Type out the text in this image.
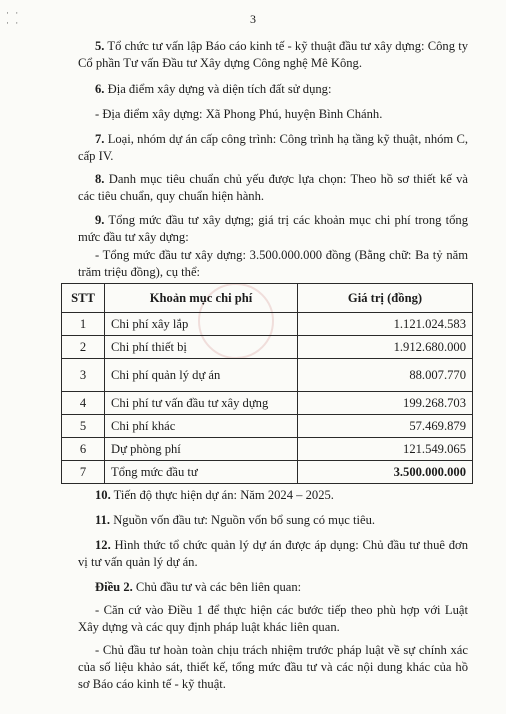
· ·
· ·	3

5. Tổ chức tư vấn lập Báo cáo kinh tế - kỹ thuật đầu tư xây dựng: Công ty Cổ phần Tư vấn Đầu tư Xây dựng Công nghệ Mê Kông.

6. Địa điểm xây dựng và diện tích đất sử dụng:

- Địa điểm xây dựng: Xã Phong Phú, huyện Bình Chánh.

7. Loại, nhóm dự án cấp công trình: Công trình hạ tầng kỹ thuật, nhóm C, cấp IV.

8. Danh mục tiêu chuẩn chủ yếu được lựa chọn: Theo hồ sơ thiết kế và các tiêu chuẩn, quy chuẩn hiện hành.

9. Tổng mức đầu tư xây dựng; giá trị các khoản mục chi phí trong tổng mức đầu tư xây dựng:

- Tổng mức đầu tư xây dựng: 3.500.000.000 đồng (Bằng chữ: Ba tỷ năm trăm triệu đồng), cụ thể:

STT	Khoản mục chi phí	Giá trị (đồng)
1	Chi phí xây lắp	1.121.024.583
2	Chi phí thiết bị	1.912.680.000
3	Chi phí quản lý dự án	88.007.770
4	Chi phí tư vấn đầu tư xây dựng	199.268.703
5	Chi phí khác	57.469.879
6	Dự phòng phí	121.549.065
7	Tổng mức đầu tư	3.500.000.000

10. Tiến độ thực hiện dự án: Năm 2024 – 2025.

11. Nguồn vốn đầu tư: Nguồn vốn bổ sung có mục tiêu.

12. Hình thức tổ chức quản lý dự án được áp dụng: Chủ đầu tư thuê đơn vị tư vấn quản lý dự án.

Điều 2. Chủ đầu tư và các bên liên quan:

- Căn cứ vào Điều 1 để thực hiện các bước tiếp theo phù hợp với Luật Xây dựng và các quy định pháp luật khác liên quan.

- Chủ đầu tư hoàn toàn chịu trách nhiệm trước pháp luật về sự chính xác của số liệu khảo sát, thiết kế, tổng mức đầu tư và các nội dung khác của hồ sơ Báo cáo kinh tế - kỹ thuật.
